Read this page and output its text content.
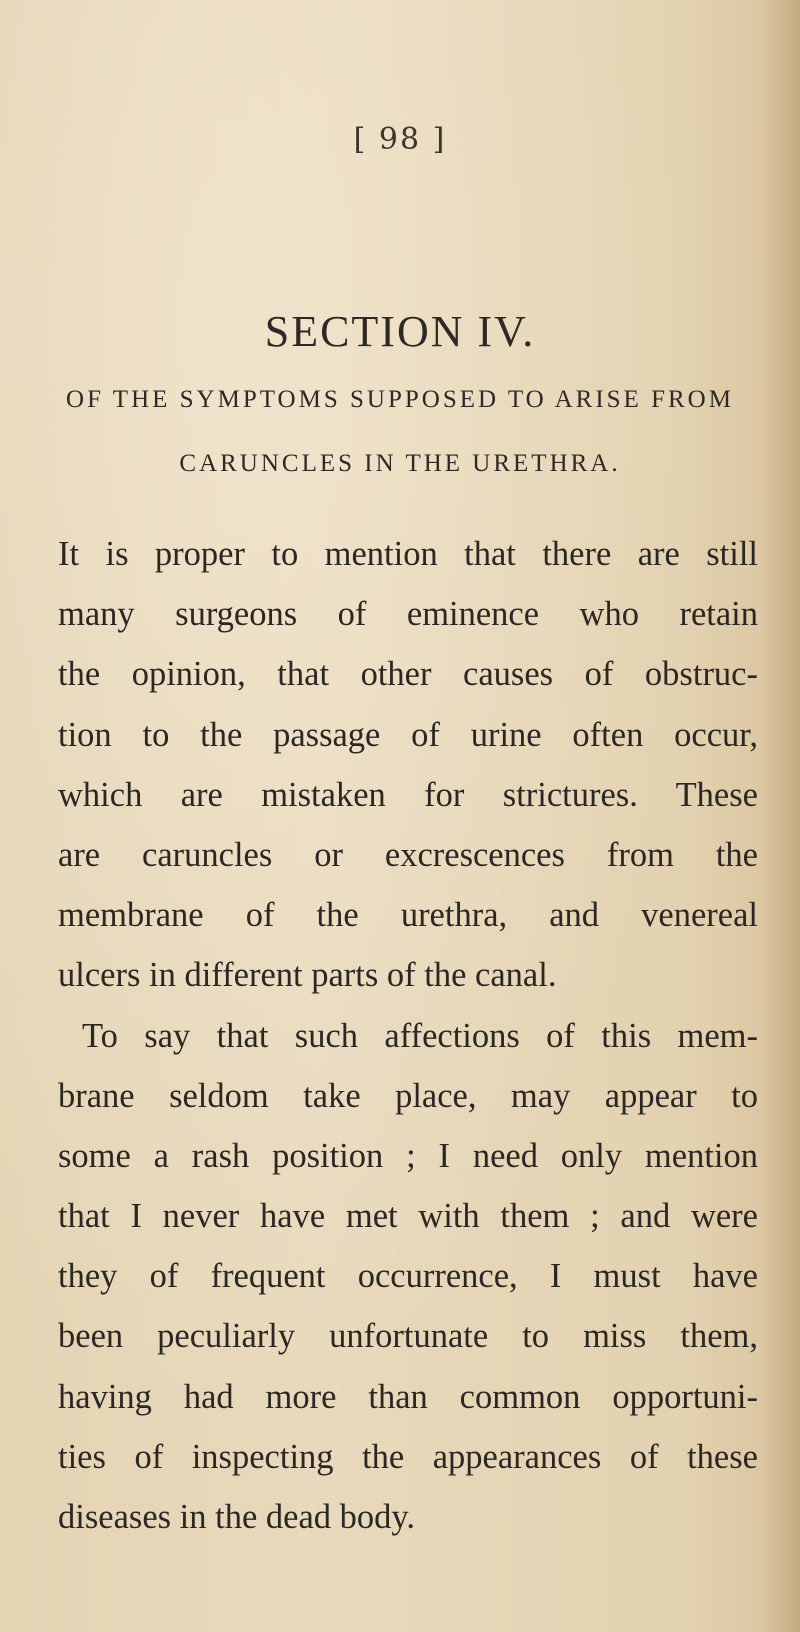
[ 98 ]
SECTION IV.
OF THE SYMPTOMS SUPPOSED TO ARISE FROM
CARUNCLES IN THE URETHRA.
It is proper to mention that there are still
many surgeons of eminence who retain
the opinion, that other causes of obstruc-
tion to the passage of urine often occur,
which are mistaken for strictures. These
are caruncles or excrescences from the
membrane of the urethra, and venereal
ulcers in different parts of the canal.
To say that such affections of this mem-
brane seldom take place, may appear to
some a rash position ; I need only mention
that I never have met with them ; and were
they of frequent occurrence, I must have
been peculiarly unfortunate to miss them,
having had more than common opportuni-
ties of inspecting the appearances of these
diseases in the dead body.
